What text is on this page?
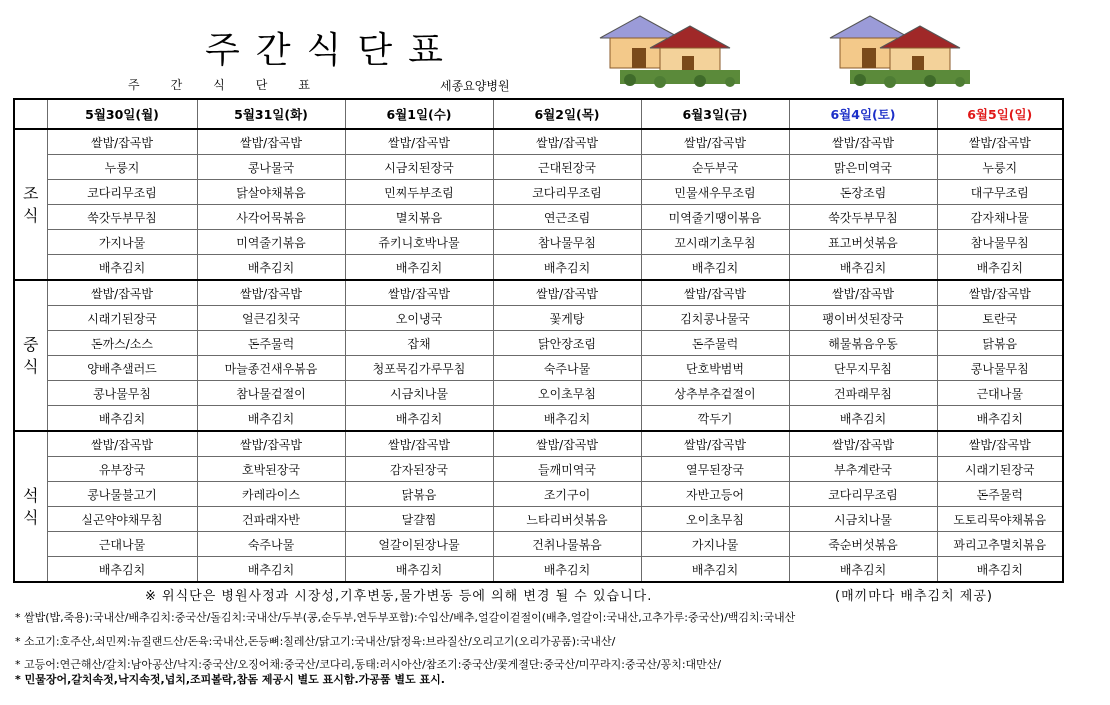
주간식단표
주간식단표	세종요양병원
	5월30일(월)	5월31일(화)	6월1일(수)	6월2일(목)	6월3일(금)	6월4일(토)	6월5일(일)
조
식	쌀밥/잡곡밥	쌀밥/잡곡밥	쌀밥/잡곡밥	쌀밥/잡곡밥	쌀밥/잡곡밥	쌀밥/잡곡밥	쌀밥/잡곡밥
	누룽지	콩나물국	시금치된장국	근대된장국	순두부국	맑은미역국	누룽지
	코다리무조림	닭살야채볶음	민찌두부조림	코다리무조림	민물새우무조림	돈장조림	대구무조림
	쑥갓두부무침	사각어묵볶음	멸치볶음	연근조림	미역줄기땡이볶음	쑥갓두부무침	감자채나물
	가지나물	미역줄기볶음	쥬키니호박나물	참나물무침	꼬시래기초무침	표고버섯볶음	참나물무침
	배추김치	배추김치	배추김치	배추김치	배추김치	배추김치	배추김치
중
식	쌀밥/잡곡밥	쌀밥/잡곡밥	쌀밥/잡곡밥	쌀밥/잡곡밥	쌀밥/잡곡밥	쌀밥/잡곡밥	쌀밥/잡곡밥
	시래기된장국	얼큰김칫국	오이냉국	꽃게탕	김치콩나물국	팽이버섯된장국	토란국
	돈까스/소스	돈주물럭	잡채	닭안장조림	돈주물럭	해물볶음우동	닭볶음
	양배추샐러드	마늘종건새우볶음	청포묵김가루무침	숙주나물	단호박범벅	단무지무침	콩나물무침
	콩나물무침	참나물겉절이	시금치나물	오이초무침	상추부추겉절이	건파래무침	근대나물
	배추김치	배추김치	배추김치	배추김치	깍두기	배추김치	배추김치
석
식	쌀밥/잡곡밥	쌀밥/잡곡밥	쌀밥/잡곡밥	쌀밥/잡곡밥	쌀밥/잡곡밥	쌀밥/잡곡밥	쌀밥/잡곡밥
	유부장국	호박된장국	감자된장국	들깨미역국	열무된장국	부추계란국	시래기된장국
	콩나물불고기	카레라이스	닭볶음	조기구이	자반고등어	코다리무조림	돈주물럭
	실곤약야채무침	건파래자반	달걀찜	느타리버섯볶음	오이초무침	시금치나물	도토리묵야채볶음
	근대나물	숙주나물	얼갈이된장나물	건취나물볶음	가지나물	죽순버섯볶음	꽈리고추멸치볶음
	배추김치	배추김치	배추김치	배추김치	배추김치	배추김치	배추김치
※ 위식단은 병원사정과 시장성,기후변동,물가변동 등에 의해 변경 될 수 있습니다.	(매끼마다 배추김치 제공)
* 쌀밥(밥,죽용):국내산/배추김치:중국산/돌김치:국내산/두부(콩,순두부,연두부포함):수입산/배추,얼갈이겉절이(배추,얼갈이:국내산,고추가루:중국산)/백김치:국내산
* 소고기:호주산,쇠민찌:뉴질랜드산/돈육:국내산,돈등뼈:칠레산/닭고기:국내산/닭정육:브라질산/오리고기(오리가공품):국내산/
* 고등어:연근해산/갈치:남아공산/낙지:중국산/오징어채:중국산/코다리,동태:러시아산/참조기:중국산/꽃게절단:중국산/미꾸라지:중국산/꽁치:대만산/
* 민물장어,갈치속젓,낙지속젓,넙치,조피볼락,참돔 제공시 별도 표시함.가공품 별도 표시.
